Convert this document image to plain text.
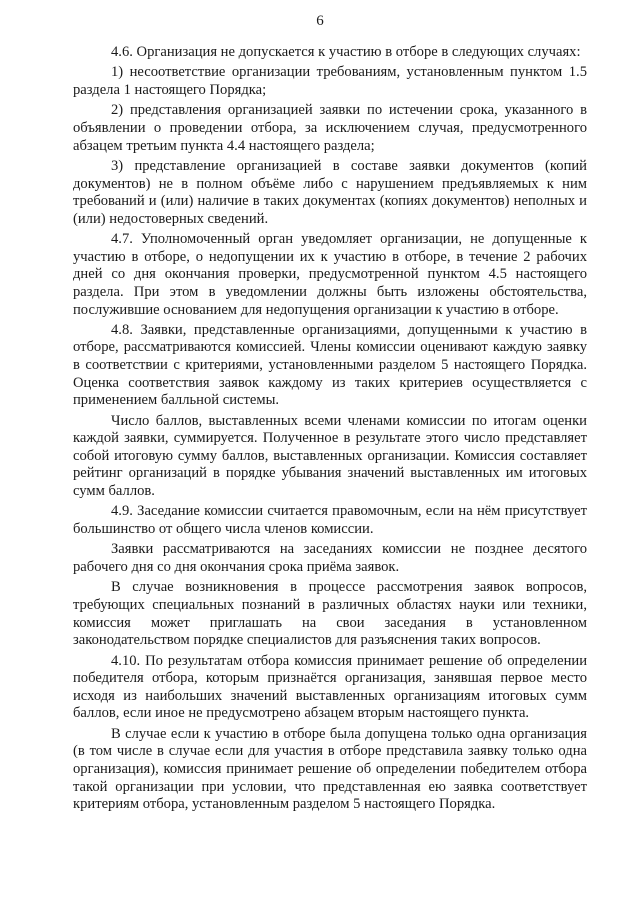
6

4.6. Организация не допускается к участию в отборе в следующих случаях:

1) несоответствие организации требованиям, установленным пунктом 1.5 раздела 1 настоящего Порядка;

2) представления организацией заявки по истечении срока, указанного в объявлении о проведении отбора, за исключением случая, предусмотренного абзацем третьим пункта 4.4 настоящего раздела;

3) представление организацией в составе заявки документов (копий документов) не в полном объёме либо с нарушением предъявляемых к ним требований и (или) наличие в таких документах (копиях документов) неполных и (или) недостоверных сведений.

4.7. Уполномоченный орган уведомляет организации, не допущенные к участию в отборе, о недопущении их к участию в отборе, в течение 2 рабочих дней со дня окончания проверки, предусмотренной пунктом 4.5 настоящего раздела. При этом в уведомлении должны быть изложены обстоятельства, послужившие основанием для недопущения организации к участию в отборе.

4.8. Заявки, представленные организациями, допущенными к участию в отборе, рассматриваются комиссией. Члены комиссии оценивают каждую заявку в соответствии с критериями, установленными разделом 5 настоящего Порядка. Оценка соответствия заявок каждому из таких критериев осуществляется с применением балльной системы.

Число баллов, выставленных всеми членами комиссии по итогам оценки каждой заявки, суммируется. Полученное в результате этого число представляет собой итоговую сумму баллов, выставленных организации. Комиссия составляет рейтинг организаций в порядке убывания значений выставленных им итоговых сумм баллов.

4.9. Заседание комиссии считается правомочным, если на нём присутствует большинство от общего числа членов комиссии.

Заявки рассматриваются на заседаниях комиссии не позднее десятого рабочего дня со дня окончания срока приёма заявок.

В случае возникновения в процессе рассмотрения заявок вопросов, требующих специальных познаний в различных областях науки или техники, комиссия может приглашать на свои заседания в установленном законодательством порядке специалистов для разъяснения таких вопросов.

4.10. По результатам отбора комиссия принимает решение об определении победителя отбора, которым признаётся организация, занявшая первое место исходя из наибольших значений выставленных организациям итоговых сумм баллов, если иное не предусмотрено абзацем вторым настоящего пункта.

В случае если к участию в отборе была допущена только одна организация (в том числе в случае если для участия в отборе представила заявку только одна организация), комиссия принимает решение об определении победителем отбора такой организации при условии, что представленная ею заявка соответствует критериям отбора, установленным разделом 5 настоящего Порядка.
